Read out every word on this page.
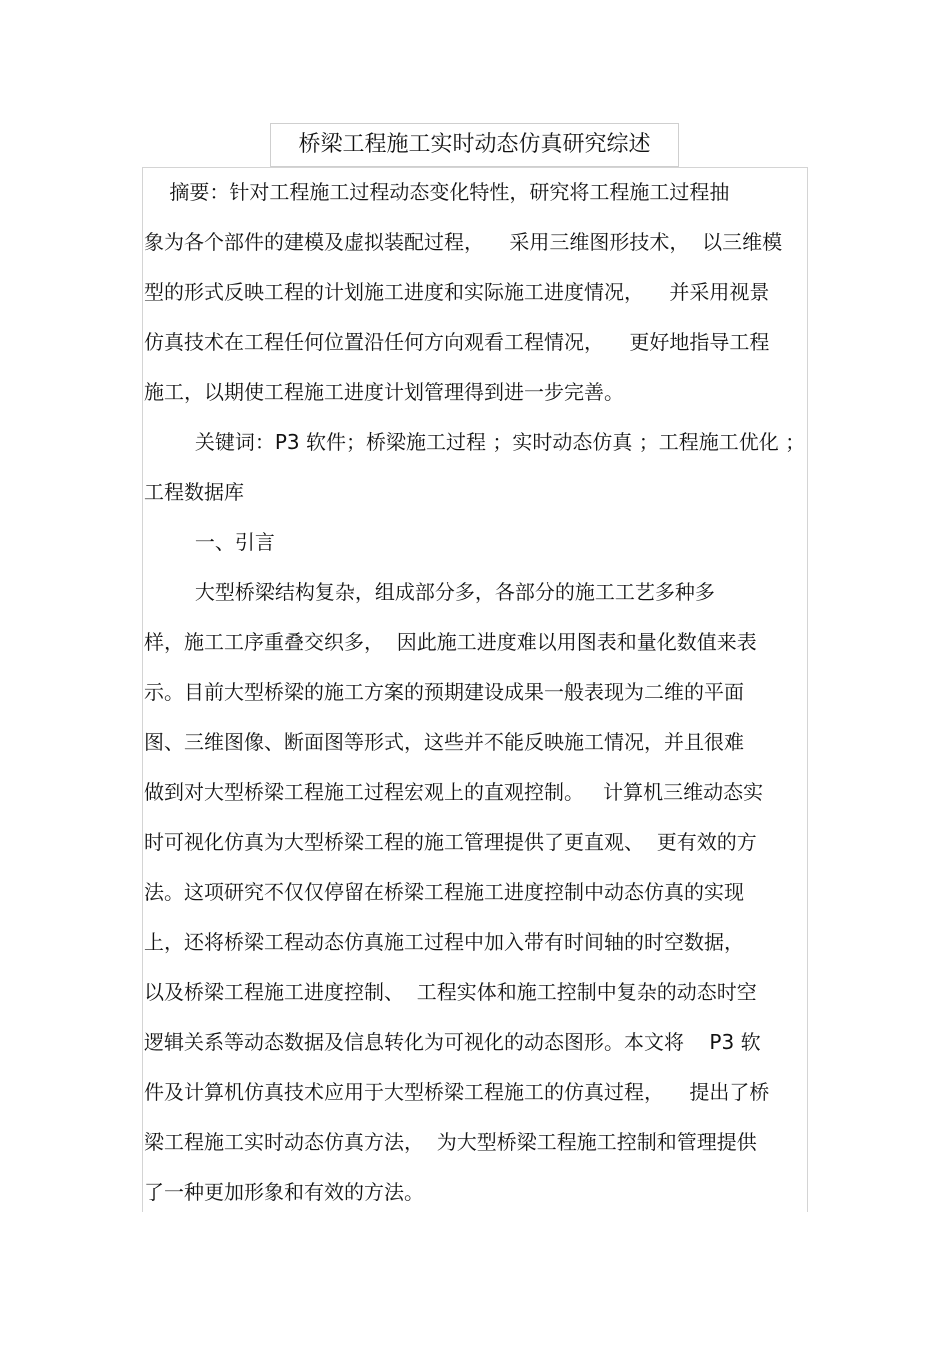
桥梁工程施工实时动态仿真研究综述
摘要：针对工程施工过程动态变化特性，研究将工程施工过程抽
象为各个部件的建模及虚拟装配过程，    采用三维图形技术，  以三维模
型的形式反映工程的计划施工进度和实际施工进度情况，    并采用视景
仿真技术在工程任何位置沿任何方向观看工程情况，    更好地指导工程
施工，以期使工程施工进度计划管理得到进一步完善。
关键词：P3 软件；桥梁施工过程 ；实时动态仿真 ；工程施工优化 ；
工程数据库
一、引言
大型桥梁结构复杂，组成部分多，各部分的施工工艺多种多
样，施工工序重叠交织多，  因此施工进度难以用图表和量化数值来表
示。目前大型桥梁的施工方案的预期建设成果一般表现为二维的平面
图、三维图像、断面图等形式，这些并不能反映施工情况，并且很难
做到对大型桥梁工程施工过程宏观上的直观控制。   计算机三维动态实
时可视化仿真为大型桥梁工程的施工管理提供了更直观、  更有效的方
法。这项研究不仅仅停留在桥梁工程施工进度控制中动态仿真的实现
上，还将桥梁工程动态仿真施工过程中加入带有时间轴的时空数据，
以及桥梁工程施工进度控制、  工程实体和施工控制中复杂的动态时空
逻辑关系等动态数据及信息转化为可视化的动态图形。本文将    P3 软
件及计算机仿真技术应用于大型桥梁工程施工的仿真过程，    提出了桥
梁工程施工实时动态仿真方法，  为大型桥梁工程施工控制和管理提供
了一种更加形象和有效的方法。
